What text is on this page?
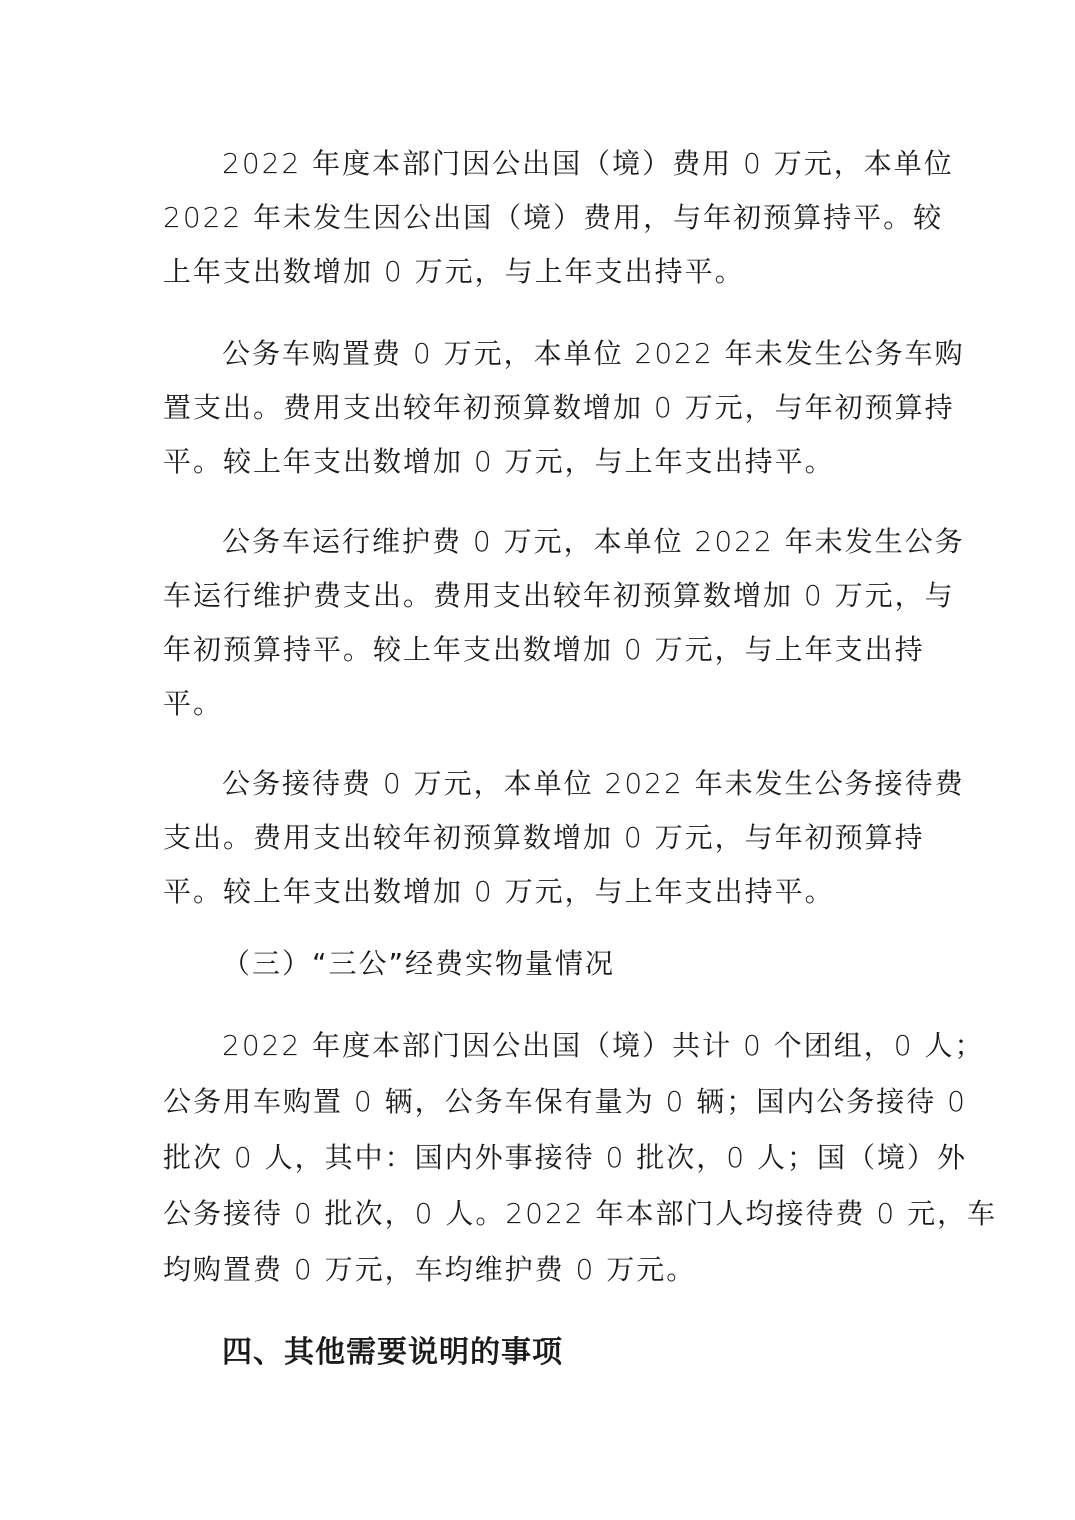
2022 年度本部门因公出国（境）费用 0 万元，本单位
2022 年未发生因公出国（境）费用，与年初预算持平。较
上年支出数增加 0 万元，与上年支出持平。
公务车购置费 0 万元，本单位 2022 年未发生公务车购
置支出。费用支出较年初预算数增加 0 万元，与年初预算持
平。较上年支出数增加 0 万元，与上年支出持平。
公务车运行维护费 0 万元，本单位 2022 年未发生公务
车运行维护费支出。费用支出较年初预算数增加 0 万元，与
年初预算持平。较上年支出数增加 0 万元，与上年支出持
平。
公务接待费 0 万元，本单位 2022 年未发生公务接待费
支出。费用支出较年初预算数增加 0 万元，与年初预算持
平。较上年支出数增加 0 万元，与上年支出持平。
（三）“三公”经费实物量情况
2022 年度本部门因公出国（境）共计 0 个团组，0 人；
公务用车购置 0 辆，公务车保有量为 0 辆；国内公务接待 0
批次 0 人，其中：国内外事接待 0 批次，0 人；国（境）外
公务接待 0 批次，0 人。2022 年本部门人均接待费 0 元，车
均购置费 0 万元，车均维护费 0 万元。
四、其他需要说明的事项
